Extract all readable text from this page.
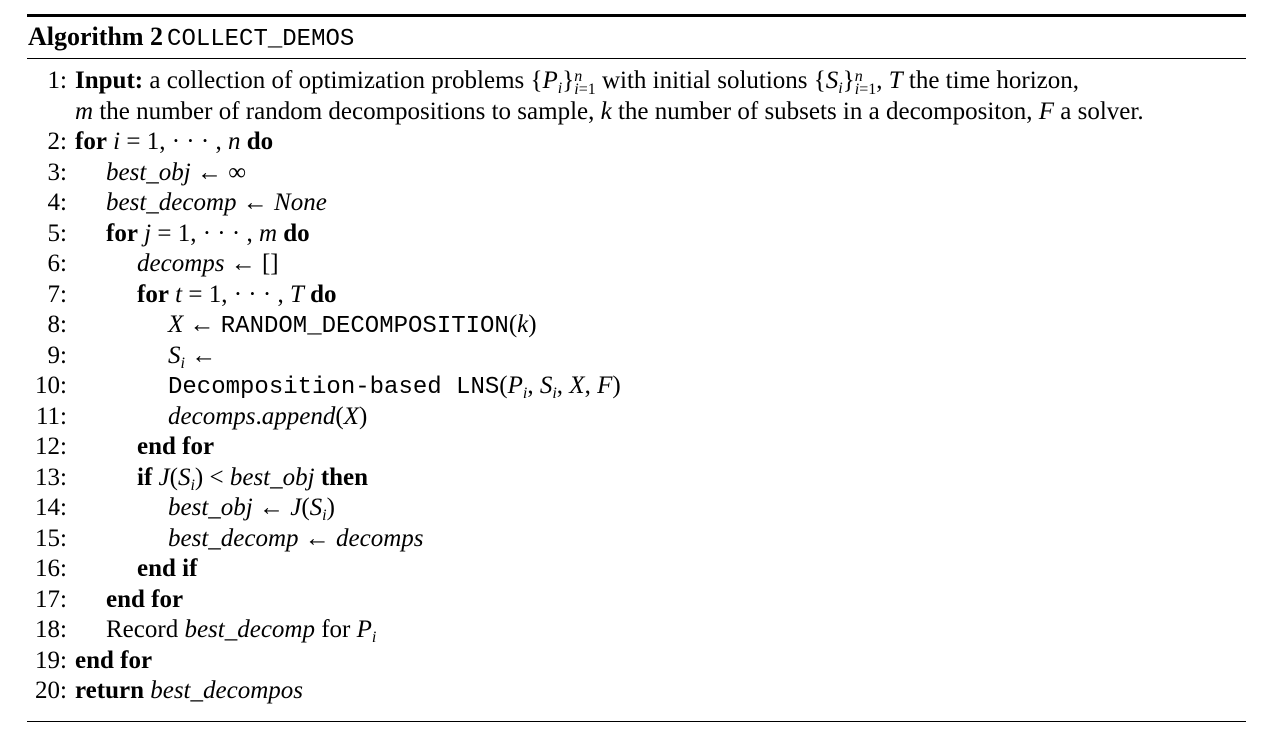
Algorithm 2 COLLECT_DEMOS
1: Input: a collection of optimization problems $\{P_i\}$ n
i=1 with initial solutions $\{S_i\}$ n
i=1 , T the time horizon,
m the number of random decompositions to sample, k the number of subsets in a decompositon, F a solver.
2: for i = 1, · · · , n do
3: best_obj ← ∞
4: best_decomp ← None
5: for j = 1, · · · , m do
6:	decomps ← []
7:	for t = 1, · · · , T do
8:	X ← RANDOM_DECOMPOSITION(k)
9:	$S_i$ ←
10:	Decomposition-based $LNS(P_i$, $S_i$, X, F)
11:	decomps.append(X)
12:	end for
13:	if $J(S_i)$ < best_obj then
14:	best_obj ← $J(S_i)$
15:	best_decomp ← decomps
16:	end if
17: end for
18: Record best_decomp for $P_i$
19: end for
20: return best_decompos
